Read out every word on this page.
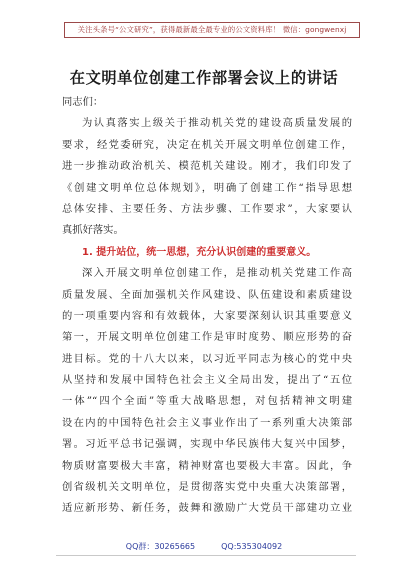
关注头条号“公文研究”，获得最新最全最专业的公文资料库！ 微信：gongwenxj
在文明单位创建工作部署会议上的讲话
同志们：
为认真落实上级关于推动机关党的建设高质量发展的
要求，经党委研究，决定在机关开展文明单位创建工作，
进一步推动政治机关、模范机关建设。刚才，我们印发了
《创建文明单位总体规划》，明确了创建工作“指导思想
总体安排、主要任务、方法步骤、工作要求”，大家要认
真抓好落实。
1. 提升站位，统一思想，充分认识创建的重要意义。
深入开展文明单位创建工作，是推动机关党建工作高
质量发展、全面加强机关作风建设、队伍建设和素质建设
的一项重要内容和有效载体，大家要深刻认识其重要意义
第一，开展文明单位创建工作是审时度势、顺应形势的奋
进目标。党的十八大以来，以习近平同志为核心的党中央
从坚持和发展中国特色社会主义全局出发，提出了“五位
一体”“四个全面”等重大战略思想，对包括精神文明建
设在内的中国特色社会主义事业作出了一系列重大决策部
署。习近平总书记强调，实现中华民族伟大复兴中国梦，
物质财富要极大丰富，精神财富也要极大丰富。因此，争
创省级机关文明单位，是贯彻落实党中央重大决策部署，
适应新形势、新任务，鼓舞和激励广大党员干部建功立业
QQ群：30265665	QQ:535304092
